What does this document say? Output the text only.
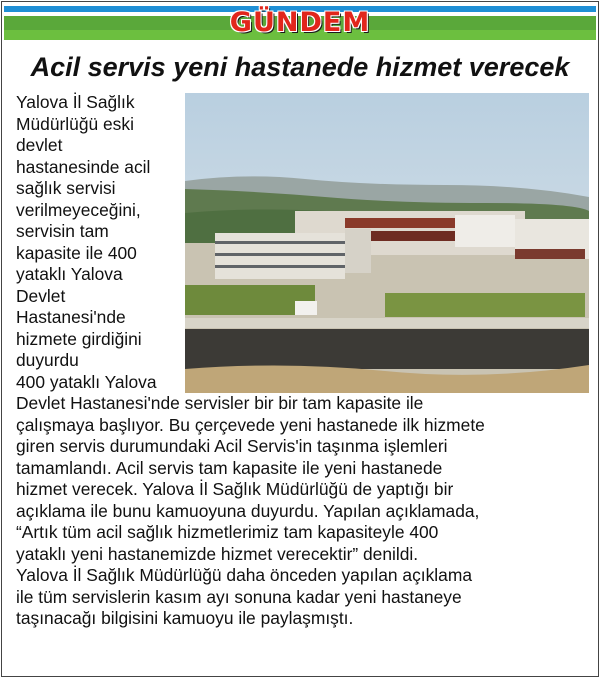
GÜNDEM
Acil servis yeni hastanede hizmet verecek
Yalova İl Sağlık
Müdürlüğü eski
devlet
hastanesinde acil
sağlık servisi
verilmeyeceğini,
servisin tam
kapasite ile 400
yataklı Yalova
Devlet
Hastanesi'nde
hizmete girdiğini
duyurdu
400 yataklı Yalova
Devlet Hastanesi'nde servisler bir bir tam kapasite ile
çalışmaya başlıyor. Bu çerçevede yeni hastanede ilk hizmete
giren servis durumundaki Acil Servis'in taşınma işlemleri
tamamlandı. Acil servis tam kapasite ile yeni hastanede
hizmet verecek. Yalova İl Sağlık Müdürlüğü de yaptığı bir
açıklama ile bunu kamuoyuna duyurdu. Yapılan açıklamada,
“Artık tüm acil sağlık hizmetlerimiz tam kapasiteyle 400
yataklı yeni hastanemizde hizmet verecektir” denildi.
Yalova İl Sağlık Müdürlüğü daha önceden yapılan açıklama
ile tüm servislerin kasım ayı sonuna kadar yeni hastaneye
taşınacağı bilgisini kamuoyu ile paylaşmıştı.
